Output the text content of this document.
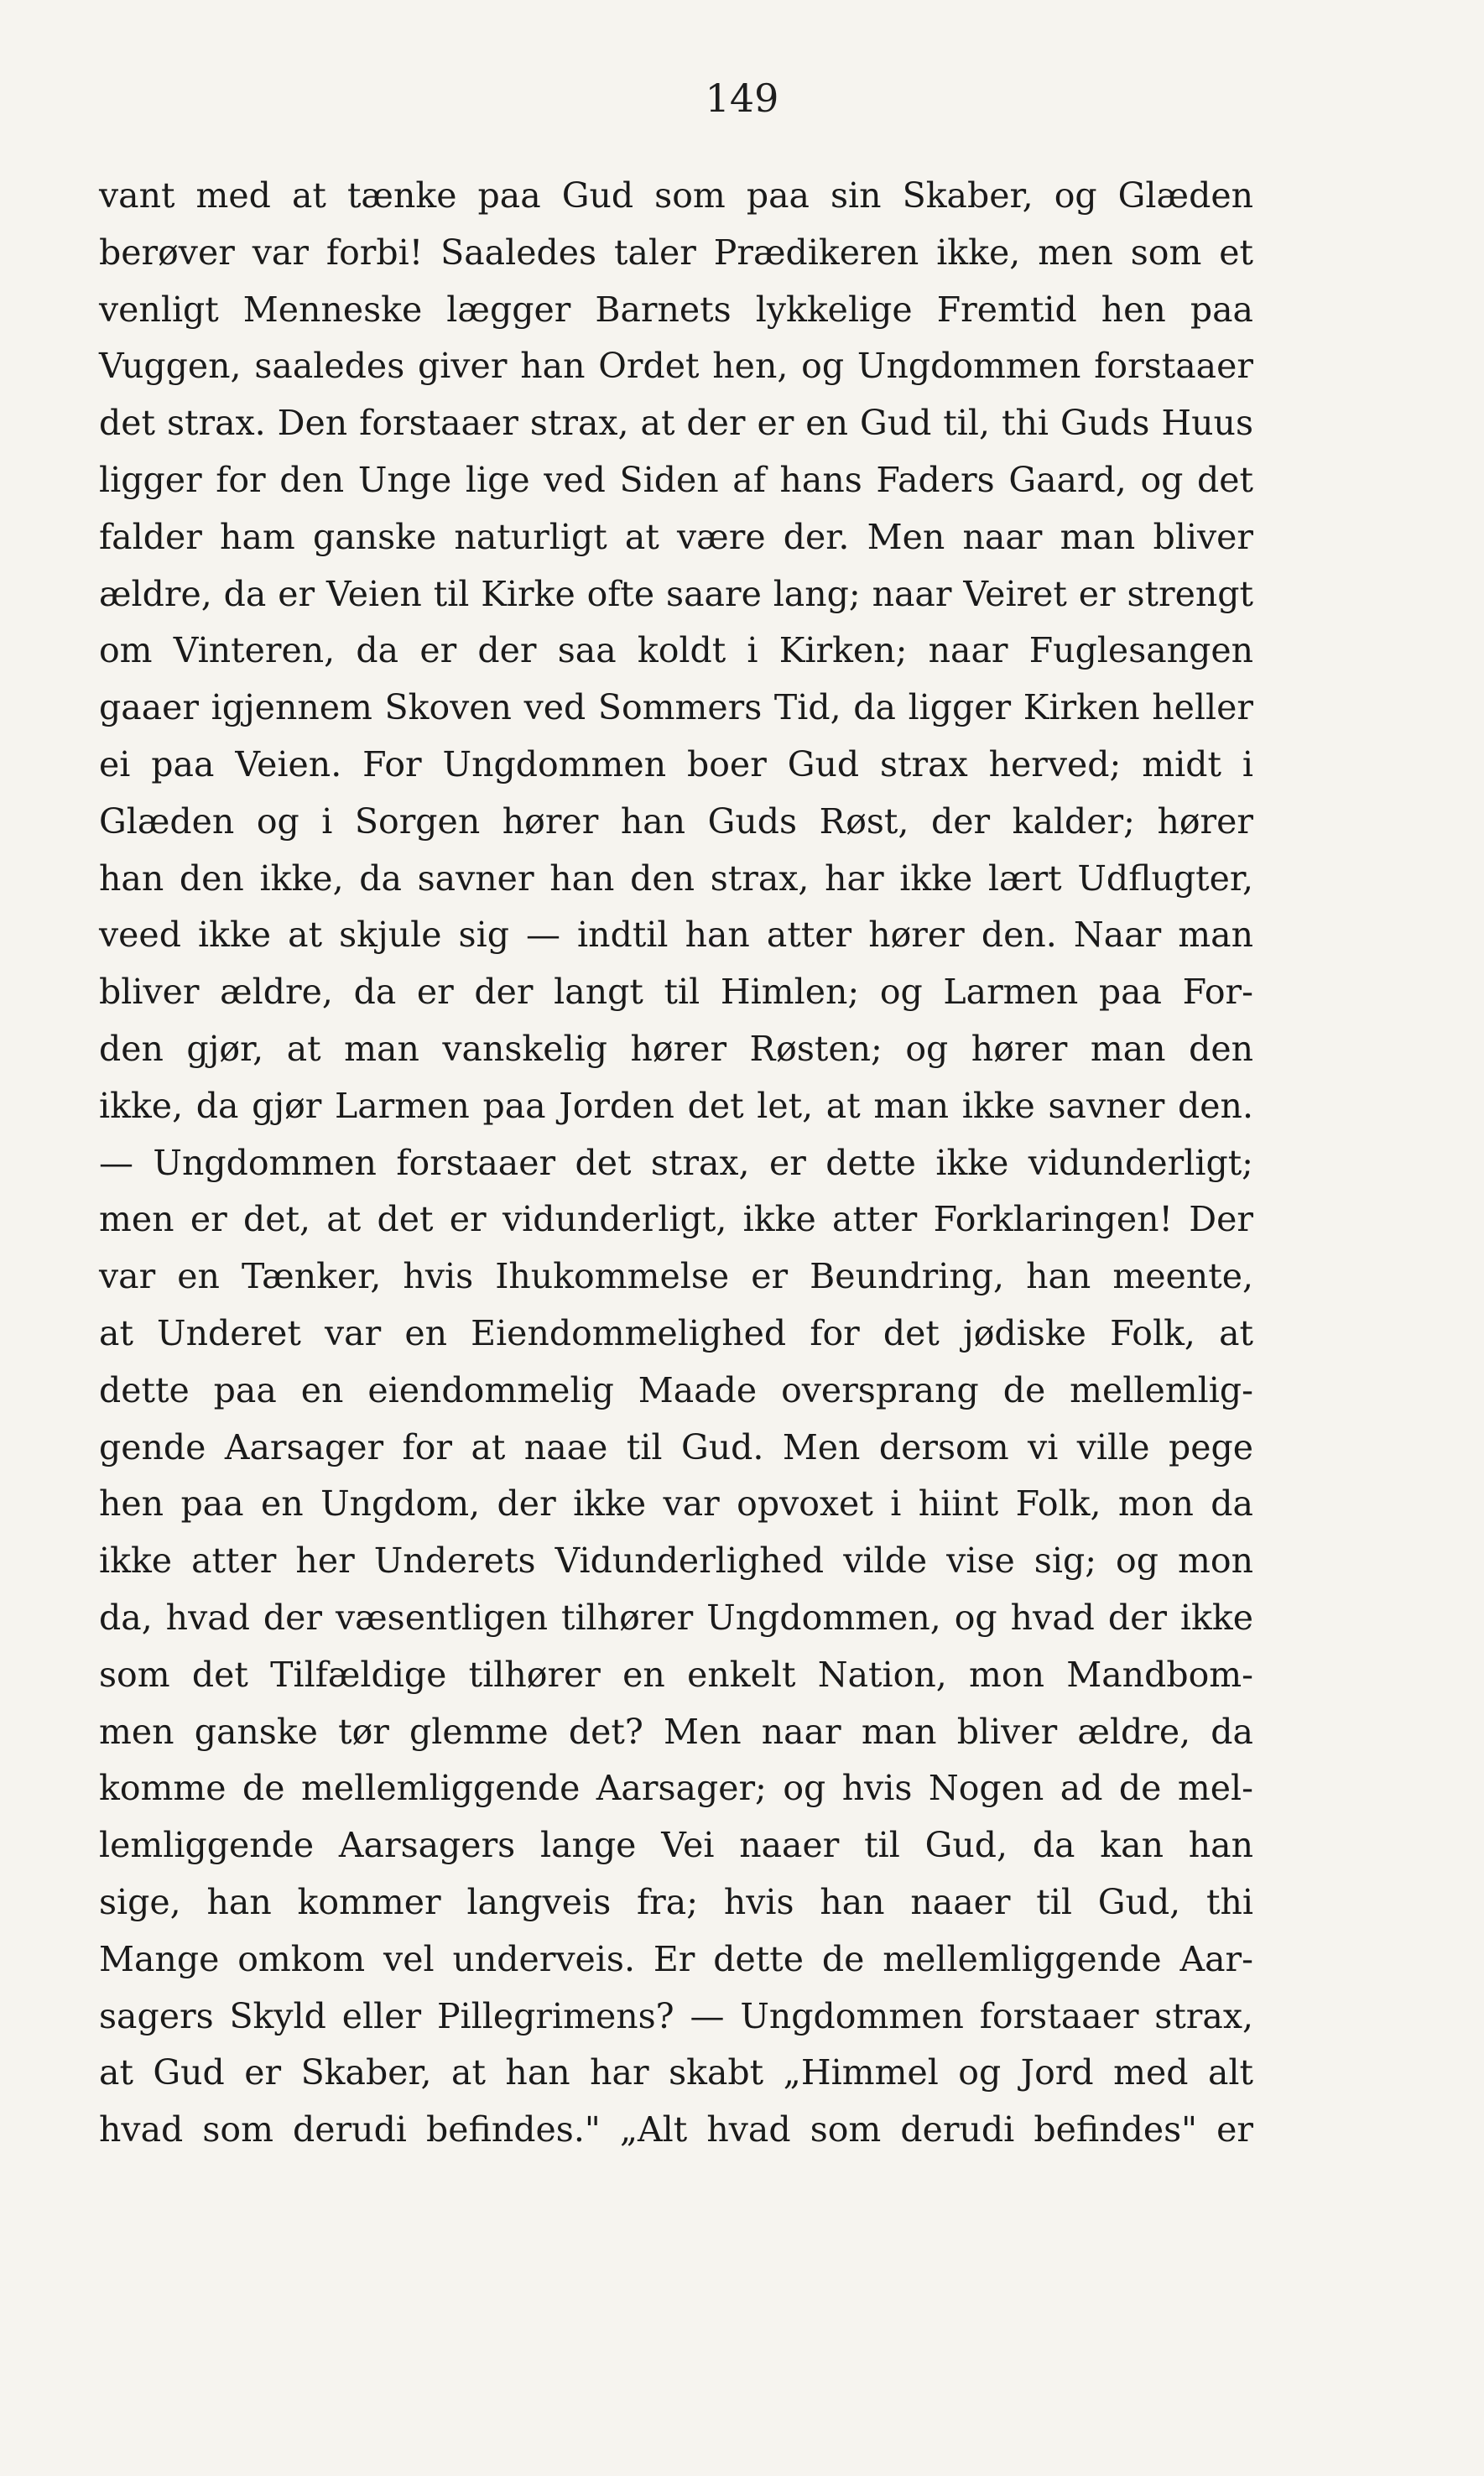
149
vant med at tænke paa Gud som paa sin Skaber, og Glæden
berøver var forbi! Saaledes taler Prædikeren ikke, men som et
venligt Menneske lægger Barnets lykkelige Fremtid hen paa
Vuggen, saaledes giver han Ordet hen, og Ungdommen forstaaer
det strax. Den forstaaer strax, at der er en Gud til, thi Guds Huus
ligger for den Unge lige ved Siden af hans Faders Gaard, og det
falder ham ganske naturligt at være der. Men naar man bliver
ældre, da er Veien til Kirke ofte saare lang; naar Veiret er strengt
om Vinteren, da er der saa koldt i Kirken; naar Fuglesangen
gaaer igjennem Skoven ved Sommers Tid, da ligger Kirken heller
ei paa Veien. For Ungdommen boer Gud strax herved; midt i
Glæden og i Sorgen hører han Guds Røst, der kalder; hører
han den ikke, da savner han den strax, har ikke lært Udflugter,
veed ikke at skjule sig — indtil han atter hører den. Naar man
bliver ældre, da er der langt til Himlen; og Larmen paa For-
den gjør, at man vanskelig hører Røsten; og hører man den
ikke, da gjør Larmen paa Jorden det let, at man ikke savner den.
— Ungdommen forstaaer det strax, er dette ikke vidunderligt;
men er det, at det er vidunderligt, ikke atter Forklaringen! Der
var en Tænker, hvis Ihukommelse er Beundring, han meente,
at Underet var en Eiendommelighed for det jødiske Folk, at
dette paa en eiendommelig Maade oversprang de mellemlig-
gende Aarsager for at naae til Gud. Men dersom vi ville pege
hen paa en Ungdom, der ikke var opvoxet i hiint Folk, mon da
ikke atter her Underets Vidunderlighed vilde vise sig; og mon
da, hvad der væsentligen tilhører Ungdommen, og hvad der ikke
som det Tilfældige tilhører en enkelt Nation, mon Mandbom-
men ganske tør glemme det? Men naar man bliver ældre, da
komme de mellemliggende Aarsager; og hvis Nogen ad de mel-
lemliggende Aarsagers lange Vei naaer til Gud, da kan han
sige, han kommer langveis fra; hvis han naaer til Gud, thi
Mange omkom vel underveis. Er dette de mellemliggende Aar-
sagers Skyld eller Pillegrimens? — Ungdommen forstaaer strax,
at Gud er Skaber, at han har skabt „Himmel og Jord med alt
hvad som derudi befindes." „Alt hvad som derudi befindes" er
